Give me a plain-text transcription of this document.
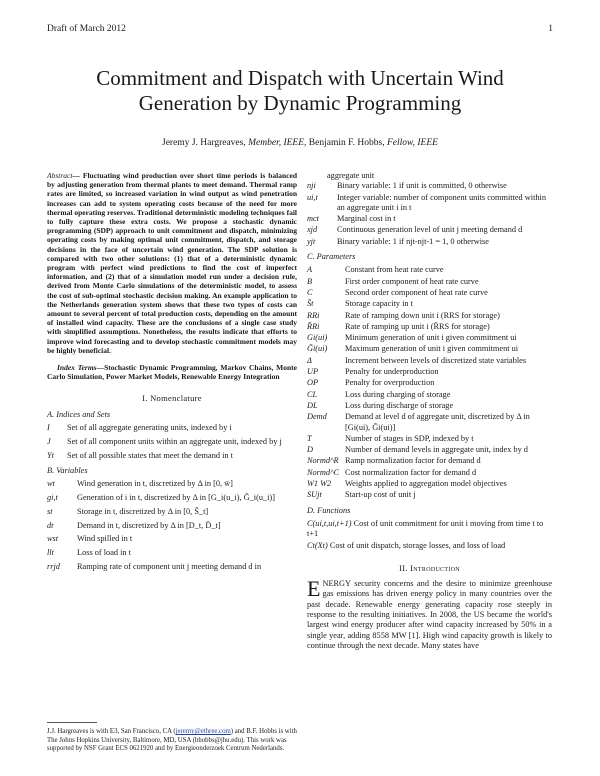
Draft of March 2012	1
Commitment and Dispatch with Uncertain Wind
Generation by Dynamic Programming
Jeremy J. Hargreaves, Member, IEEE, Benjamin F. Hobbs, Fellow, IEEE
Abstract— Fluctuating wind production over short time periods is balanced by adjusting generation from thermal plants to meet demand. Thermal ramp rates are limited, so increased variation in wind output as wind penetration increases can add to system operating costs because of the need for more thermal operating reserves. Traditional deterministic modeling techniques fail to fully capture these extra costs. We propose a stochastic dynamic programming (SDP) approach to unit commitment and dispatch, minimizing operating costs by making optimal unit commitment, dispatch, and storage decisions in the face of uncertain wind generation. The SDP solution is compared with two other solutions: (1) that of a deterministic dynamic program with perfect wind predictions to find the cost of imperfect information, and (2) that of a simulation model run under a decision rule, derived from Monte Carlo simulations of the deterministic model, to assess the cost of sub-optimal stochastic decision making. An example application to the Netherlands generation system shows that these two types of costs can amount to several percent of total production costs, depending on the amount of installed wind capacity. These are the conclusions of a single case study with simplified assumptions. Nonetheless, the results indicate that efforts to improve wind forecasting and to develop stochastic commitment models may be highly beneficial.
Index Terms—Stochastic Dynamic Programming, Markov Chains, Monte Carlo Simulation, Power Market Models, Renewable Energy Integration
I. Nomenclature
A. Indices and Sets
I	Set of all aggregate generating units, indexed by i
J	Set of all component units within an aggregate unit, indexed by j
Yt	Set of all possible states that meet the demand in t
B. Variables
wt	Wind generation in t, discretized by Δ in [0, w̄]
gi,t	Generation of i in t, discretized by Δ in [G_i(u_i), Ḡ_i(u_i)]
st	Storage in t, discretized by Δ in [0, S̄_t]
dt	Demand in t, discretized by Δ in [D_t, D̄_t]
wst	Wind spilled in t
llt	Loss of load in t
rrjd	Ramping rate of component unit j meeting demand d in
J.J. Hargreaves is with E3, San Francisco, CA (jeremy@ethree.com) and B.F. Hobbs is with The Johns Hopkins University, Baltimore, MD, USA (bhobbs@jhu.edu). This work was supported by NSF Grant ECS 0621920 and by Energieonderzoek Centrum Nederlands.
aggregate unit
nji	Binary variable: 1 if unit is committed, 0 otherwise
ui,t	Integer variable: number of component units committed within an aggregate unit i in t
mct	Marginal cost in t
xjd	Continuous generation level of unit j meeting demand d
yjt	Binary variable: 1 if njt-njt-1 = 1, 0 otherwise
C. Parameters
A	Constant from heat rate curve
B	First order component of heat rate curve
C	Second order component of heat rate curve
S̄t	Storage capacity in t
RRi	Rate of ramping down unit i (RRS for storage)
R̄Ri	Rate of ramping up unit i (R̄RS for storage)
Gi(ui)	Minimum generation of unit i given commitment ui
Ḡi(ui)	Maximum generation of unit i given commitment ui
Δ	Increment between levels of discretized state variables
UP	Penalty for underproduction
OP	Penalty for overproduction
CL	Loss during charging of storage
DL	Loss during discharge of storage
Demd	Demand at level d of aggregate unit, discretized by Δ in [Gi(ui), Ḡi(ui)]
T	Number of stages in SDP, indexed by t
D	Number of demand levels in aggregate unit, index by d
Normd^R Ramp normalization factor for demand d
Normd^C Cost normalization factor for demand d
W1 W2	Weights applied to aggregation model objectives
SUjt	Start-up cost of unit j
D. Functions
C(ui,t,ui,t+1) Cost of unit commitment for unit i moving from time t to t+1
Ct(Xt) Cost of unit dispatch, storage losses, and loss of load
II. Introduction
ENERGY security concerns and the desire to minimize greenhouse gas emissions has driven energy policy in many countries over the past decade. Renewable energy generating capacity rose steeply in response to the resulting initiatives. In 2008, the US became the world's largest wind energy producer after wind capacity increased by 50% in a single year, adding 8558 MW [1]. High wind capacity growth is likely to continue through the next decade. Many states have
